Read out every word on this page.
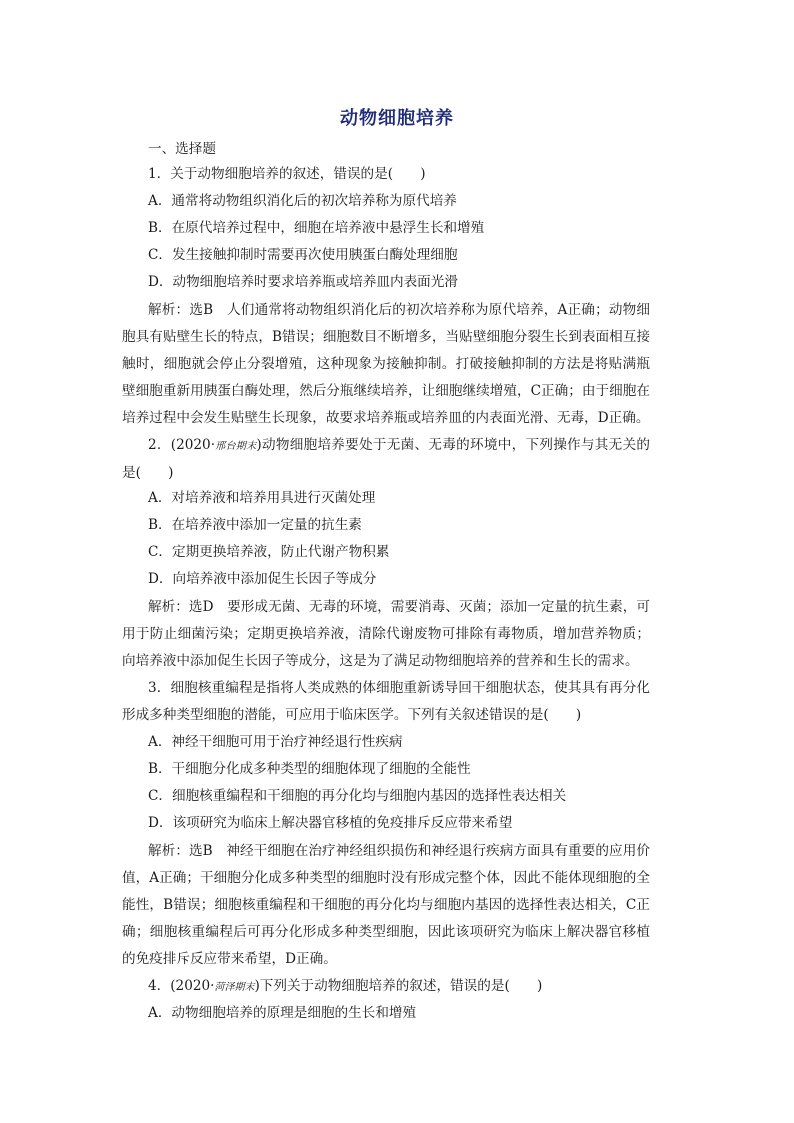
动物细胞培养
一、选择题
1．关于动物细胞培养的叙述，错误的是(　　)
A．通常将动物组织消化后的初次培养称为原代培养
B．在原代培养过程中，细胞在培养液中悬浮生长和增殖
C．发生接触抑制时需要再次使用胰蛋白酶处理细胞
D．动物细胞培养时要求培养瓶或培养皿内表面光滑
解析：选B　人们通常将动物组织消化后的初次培养称为原代培养，A正确；动物细胞具有贴壁生长的特点，B错误；细胞数目不断增多，当贴壁细胞分裂生长到表面相互接触时，细胞就会停止分裂增殖，这种现象为接触抑制。打破接触抑制的方法是将贴满瓶壁细胞重新用胰蛋白酶处理，然后分瓶继续培养，让细胞继续增殖，C正确；由于细胞在培养过程中会发生贴壁生长现象，故要求培养瓶或培养皿的内表面光滑、无毒，D正确。
2．(2020·邢台期末)动物细胞培养要处于无菌、无毒的环境中，下列操作与其无关的是(　　)
A．对培养液和培养用具进行灭菌处理
B．在培养液中添加一定量的抗生素
C．定期更换培养液，防止代谢产物积累
D．向培养液中添加促生长因子等成分
解析：选D　要形成无菌、无毒的环境，需要消毒、灭菌；添加一定量的抗生素，可用于防止细菌污染；定期更换培养液，清除代谢废物可排除有毒物质，增加营养物质；向培养液中添加促生长因子等成分，这是为了满足动物细胞培养的营养和生长的需求。
3．细胞核重编程是指将人类成熟的体细胞重新诱导回干细胞状态，使其具有再分化形成多种类型细胞的潜能，可应用于临床医学。下列有关叙述错误的是(　　)
A．神经干细胞可用于治疗神经退行性疾病
B．干细胞分化成多种类型的细胞体现了细胞的全能性
C．细胞核重编程和干细胞的再分化均与细胞内基因的选择性表达相关
D．该项研究为临床上解决器官移植的免疫排斥反应带来希望
解析：选B　神经干细胞在治疗神经组织损伤和神经退行疾病方面具有重要的应用价值，A正确；干细胞分化成多种类型的细胞时没有形成完整个体，因此不能体现细胞的全能性，B错误；细胞核重编程和干细胞的再分化均与细胞内基因的选择性表达相关，C正确；细胞核重编程后可再分化形成多种类型细胞，因此该项研究为临床上解决器官移植的免疫排斥反应带来希望，D正确。
4．(2020·菏泽期末)下列关于动物细胞培养的叙述，错误的是(　　)
A．动物细胞培养的原理是细胞的生长和增殖
